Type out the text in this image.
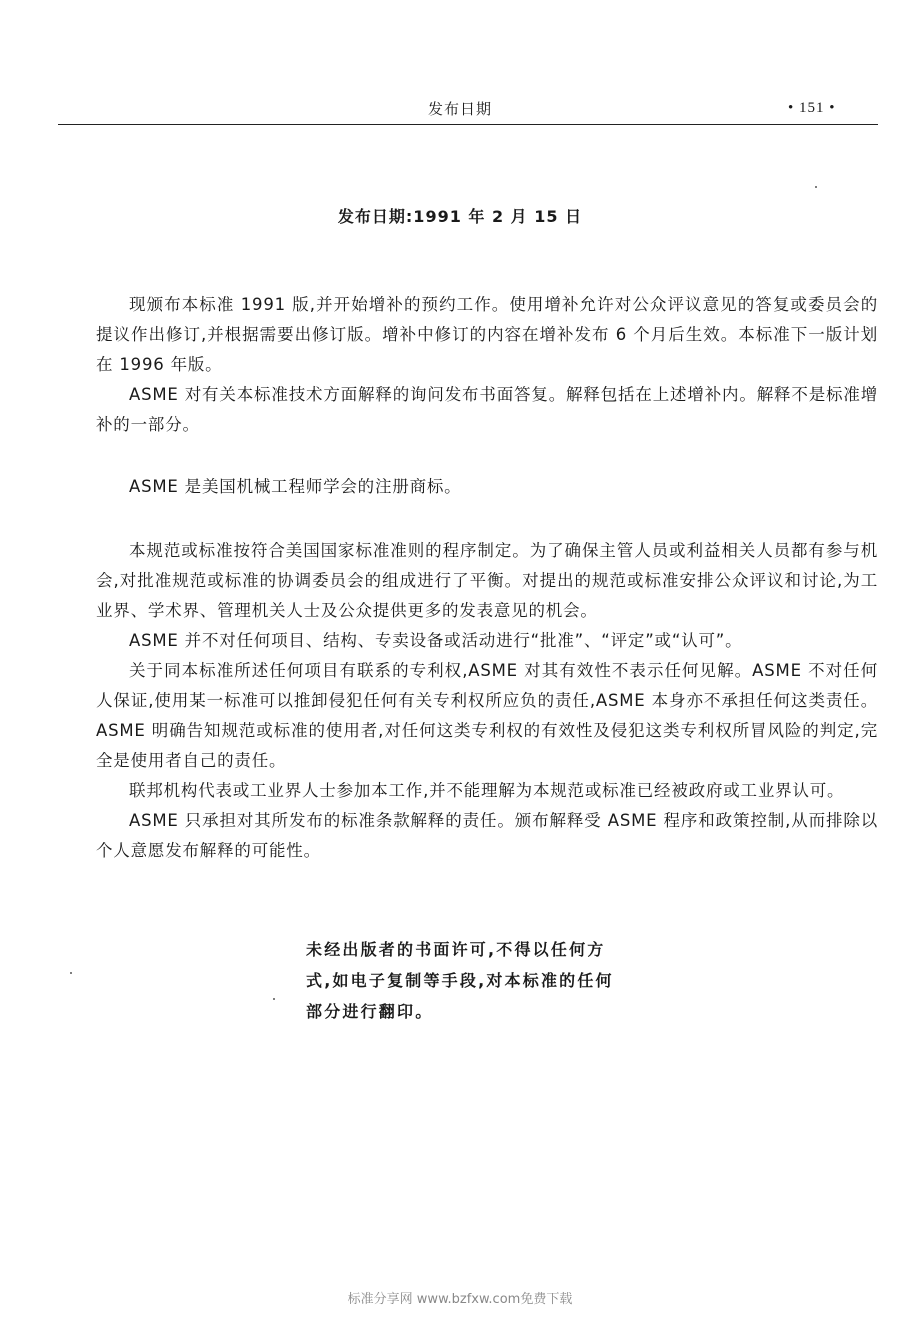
发布日期	• 151 •
发布日期:1991 年 2 月 15 日

现颁布本标准 1991 版,并开始增补的预约工作。使用增补允许对公众评议意见的答复或委员会的提议作出修订,并根据需要出修订版。增补中修订的内容在增补发布 6 个月后生效。本标准下一版计划在 1996 年版。

ASME 对有关本标准技术方面解释的询问发布书面答复。解释包括在上述增补内。解释不是标准增补的一部分。

ASME 是美国机械工程师学会的注册商标。

本规范或标准按符合美国国家标准准则的程序制定。为了确保主管人员或利益相关人员都有参与机会,对批准规范或标准的协调委员会的组成进行了平衡。对提出的规范或标准安排公众评议和讨论,为工业界、学术界、管理机关人士及公众提供更多的发表意见的机会。

ASME 并不对任何项目、结构、专卖设备或活动进行“批准”、“评定”或“认可”。

关于同本标准所述任何项目有联系的专利权,ASME 对其有效性不表示任何见解。ASME 不对任何人保证,使用某一标准可以推卸侵犯任何有关专利权所应负的责任,ASME 本身亦不承担任何这类责任。ASME 明确告知规范或标准的使用者,对任何这类专利权的有效性及侵犯这类专利权所冒风险的判定,完全是使用者自己的责任。

联邦机构代表或工业界人士参加本工作,并不能理解为本规范或标准已经被政府或工业界认可。

ASME 只承担对其所发布的标准条款解释的责任。颁布解释受 ASME 程序和政策控制,从而排除以个人意愿发布解释的可能性。

未经出版者的书面许可,不得以任何方式,如电子复制等手段,对本标准的任何部分进行翻印。
标准分享网 www.bzfxw.com免费下载
